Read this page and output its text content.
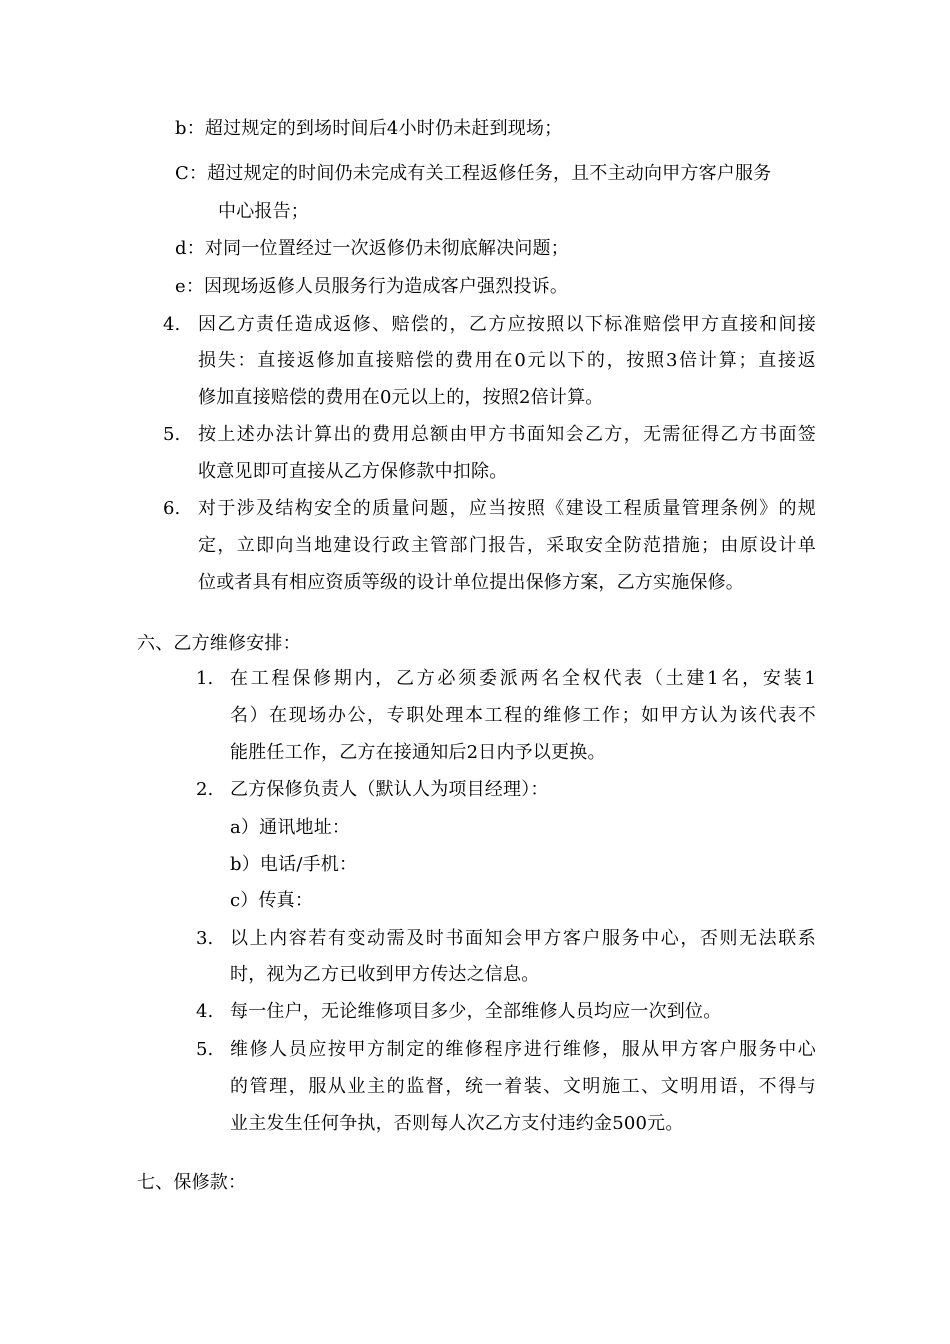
b：超过规定的到场时间后4小时仍未赶到现场；
C：超过规定的时间仍未完成有关工程返修任务，且不主动向甲方客户服务
中心报告；
d：对同一位置经过一次返修仍未彻底解决问题；
e：因现场返修人员服务行为造成客户强烈投诉。
4. 因乙方责任造成返修、赔偿的，乙方应按照以下标准赔偿甲方直接和间接
损失：直接返修加直接赔偿的费用在0元以下的，按照3倍计算；直接返
修加直接赔偿的费用在0元以上的，按照2倍计算。
5. 按上述办法计算出的费用总额由甲方书面知会乙方，无需征得乙方书面签
收意见即可直接从乙方保修款中扣除。
6. 对于涉及结构安全的质量问题，应当按照《建设工程质量管理条例》的规
定，立即向当地建设行政主管部门报告，采取安全防范措施；由原设计单
位或者具有相应资质等级的设计单位提出保修方案，乙方实施保修。
六、乙方维修安排：
1. 在工程保修期内，乙方必须委派两名全权代表（土建1名，安装1
名）在现场办公，专职处理本工程的维修工作；如甲方认为该代表不
能胜任工作，乙方在接通知后2日内予以更换。
2. 乙方保修负责人（默认人为项目经理）：
a）通讯地址：
b）电话/手机：
c）传真：
3. 以上内容若有变动需及时书面知会甲方客户服务中心，否则无法联系
时，视为乙方已收到甲方传达之信息。
4. 每一住户，无论维修项目多少，全部维修人员均应一次到位。
5. 维修人员应按甲方制定的维修程序进行维修，服从甲方客户服务中心
的管理，服从业主的监督，统一着装、文明施工、文明用语，不得与
业主发生任何争执，否则每人次乙方支付违约金500元。
七、保修款：
